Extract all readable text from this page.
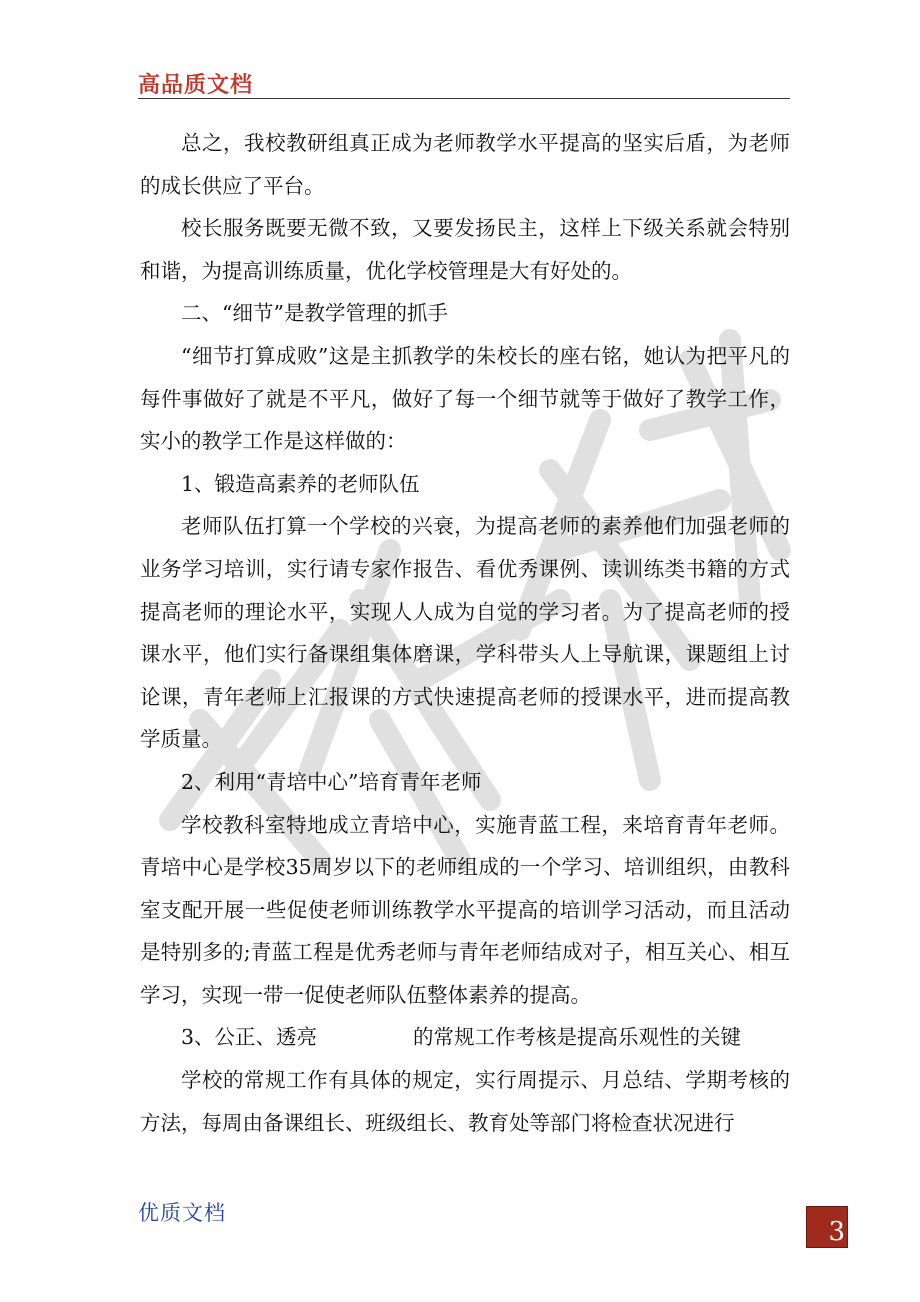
高品质文档

总之，我校教研组真正成为老师教学水平提高的坚实后盾，为老师的成长供应了平台。

校长服务既要无微不致，又要发扬民主，这样上下级关系就会特别和谐，为提高训练质量，优化学校管理是大有好处的。

二、“细节”是教学管理的抓手

“细节打算成败”这是主抓教学的朱校长的座右铭，她认为把平凡的每件事做好了就是不平凡，做好了每一个细节就等于做好了教学工作，实小的教学工作是这样做的：

1、锻造高素养的老师队伍

老师队伍打算一个学校的兴衰，为提高老师的素养他们加强老师的业务学习培训，实行请专家作报告、看优秀课例、读训练类书籍的方式提高老师的理论水平，实现人人成为自觉的学习者。为了提高老师的授课水平，他们实行备课组集体磨课，学科带头人上导航课，课题组上讨论课，青年老师上汇报课的方式快速提高老师的授课水平，进而提高教学质量。

2、利用“青培中心”培育青年老师

学校教科室特地成立青培中心，实施青蓝工程，来培育青年老师。青培中心是学校35周岁以下的老师组成的一个学习、培训组织，由教科室支配开展一些促使老师训练教学水平提高的培训学习活动，而且活动是特别多的;青蓝工程是优秀老师与青年老师结成对子，相互关心、相互学习，实现一带一促使老师队伍整体素养的提高。

3、公正、透亮	的常规工作考核是提高乐观性的关键

学校的常规工作有具体的规定，实行周提示、月总结、学期考核的方法，每周由备课组长、班级组长、教育处等部门将检查状况进行

优质文档
3
